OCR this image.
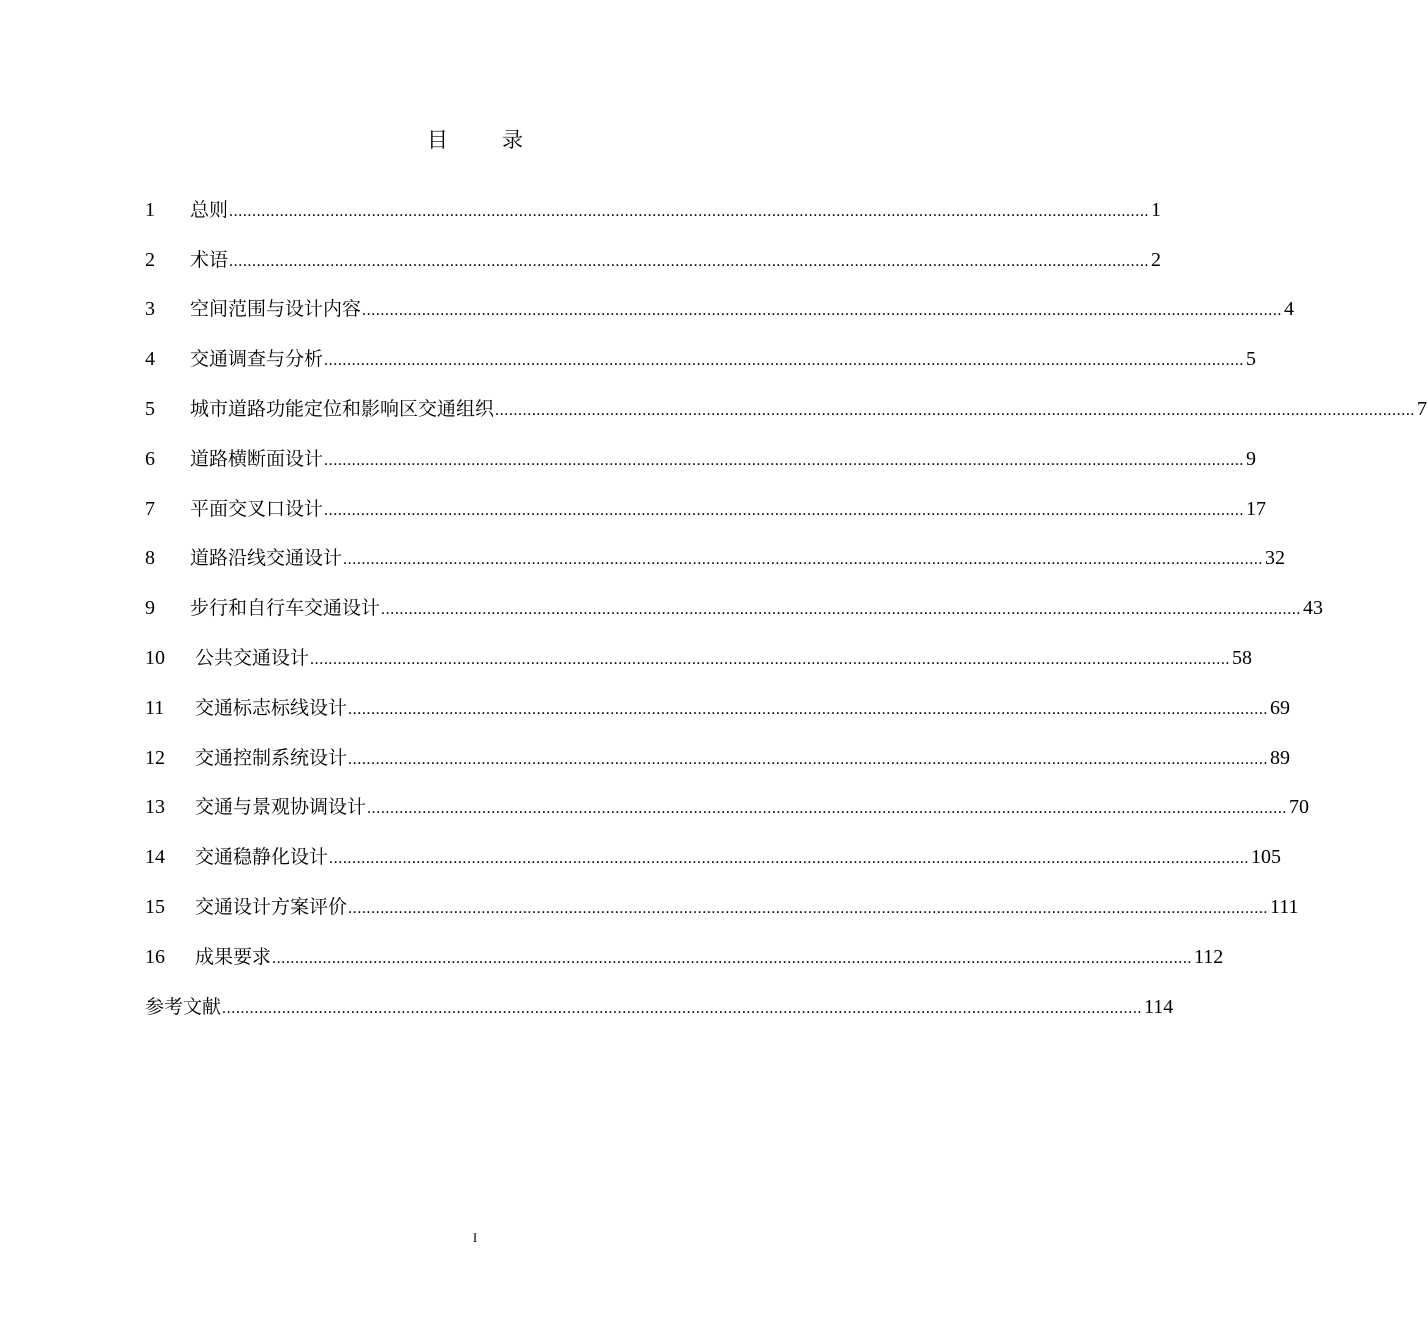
目	录
1	总则 ........................................................................................................................................................................................................ 1
2	术语 ........................................................................................................................................................................................................ 2
3	空间范围与设计内容 ........................................................................................................................................................................................................ 4
4	交通调查与分析 ........................................................................................................................................................................................................ 5
5	城市道路功能定位和影响区交通组织 ........................................................................................................................................................................................................ 7
6	道路横断面设计 ........................................................................................................................................................................................................ 9
7	平面交叉口设计 ........................................................................................................................................................................................................ 17
8	道路沿线交通设计 ........................................................................................................................................................................................................ 32
9	步行和自行车交通设计 ........................................................................................................................................................................................................ 43
10	公共交通设计 ........................................................................................................................................................................................................ 58
11	交通标志标线设计 ........................................................................................................................................................................................................ 69
12	交通控制系统设计 ........................................................................................................................................................................................................ 89
13	交通与景观协调设计 ........................................................................................................................................................................................................ 70
14	交通稳静化设计 ........................................................................................................................................................................................................ 105
15	交通设计方案评价 ........................................................................................................................................................................................................ 111
16	成果要求 ........................................................................................................................................................................................................ 112
参考文献 ........................................................................................................................................................................................................ 114
I
